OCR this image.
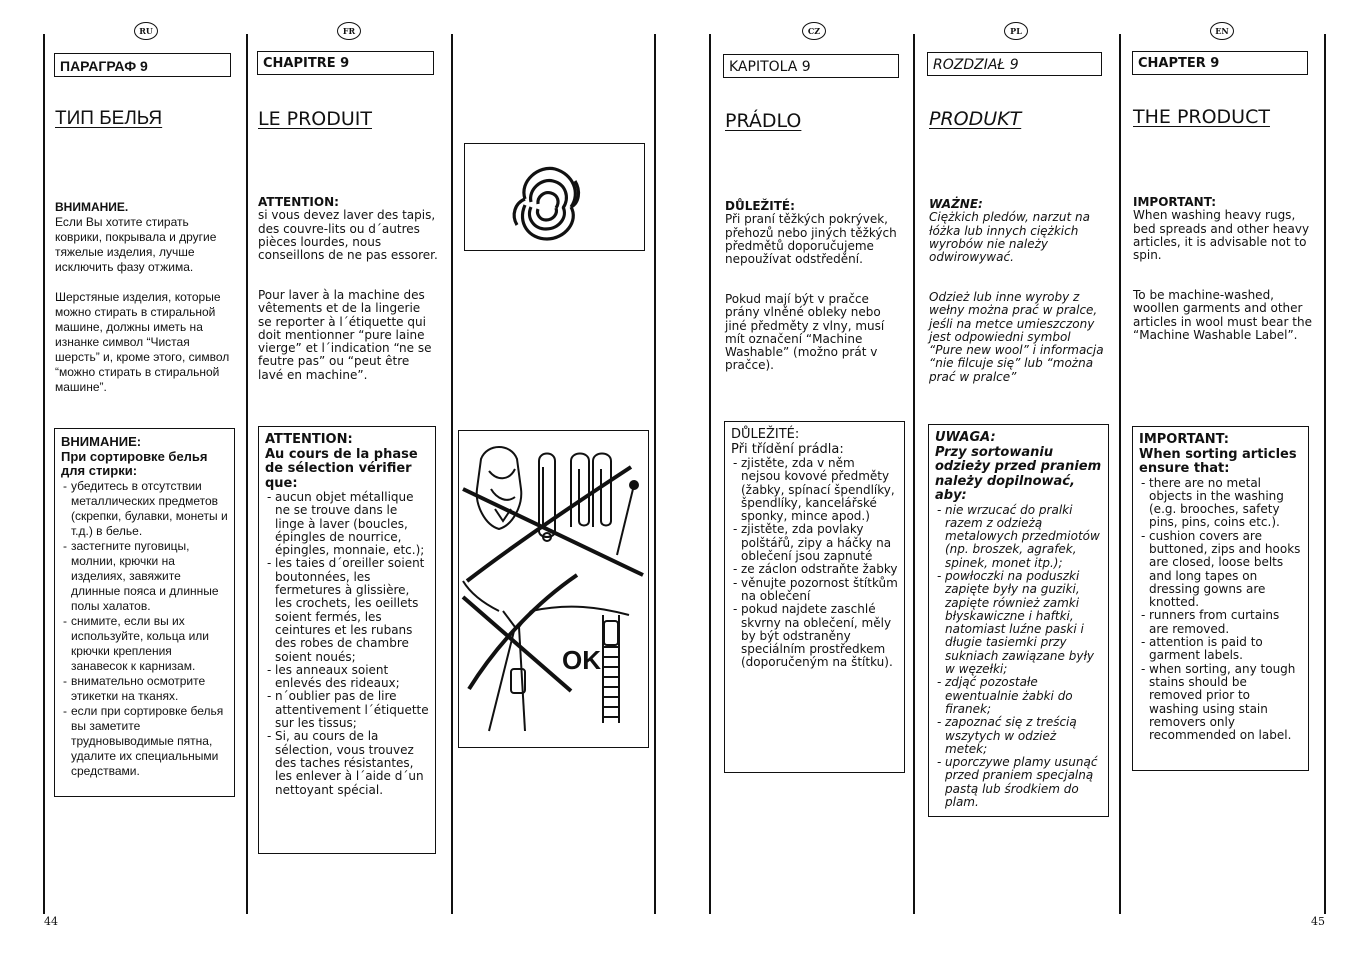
RU	FR	CZ	PL	EN
ПАРАГРАФ 9
ТИП БЕЛЬЯ
ВНИМАНИЕ.
Если Вы хотите стирать коврики, покрывала и другие тяжелые изделия, лучше исключить фазу отжима.
Шерстяные изделия, которые можно стирать в стиральной машине, должны иметь на изнанке символ “Чистая шерсть” и, кроме этого, символ “можно стирать в стиральной машине”.
ВНИМАНИЕ:
При сортировке белья для стирки:
- убедитесь в отсутствии металлических предметов (скрепки, булавки, монеты и т.д.) в белье.
- застегните пуговицы, молнии, крючки на изделиях, завяжите длинные пояса и длинные полы халатов.
- снимите, если вы их используйте, кольца или крючки крепления занавесок к карнизам.
- внимательно осмотрите этикетки на тканях.
- если при сортировке белья вы заметите трудновыводимые пятна, удалите их специальными средствами.
CHAPITRE 9
LE PRODUIT
ATTENTION:
si vous devez laver des tapis, des couvre-lits ou d´autres pièces lourdes, nous conseillons de ne pas essorer.
Pour laver à la machine des vêtements et de la lingerie se reporter à l´étiquette qui doit mentionner “pure laine vierge” et l´indication “ne se feutre pas” ou “peut être lavé en machine”.
ATTENTION:
Au cours de la phase de sélection vérifier que:
- aucun objet métallique ne se trouve dans le linge à laver (boucles, épingles de nourrice, épingles, monnaie, etc.);
- les taies d´oreiller soient boutonnées, les fermetures à glissière, les crochets, les oeillets soient fermés, les ceintures et les rubans des robes de chambre soient noués;
- les anneaux soient enlevés des rideaux;
- n´oublier pas de lire attentivement l´étiquette sur les tissus;
- Si, au cours de la sélection, vous trouvez des taches résistantes, les enlever à l´aide d´un nettoyant spécial.
OK
KAPITOLA 9
PRÁDLO
DŮLEŽITÉ:
Při praní těžkých pokrývek, přehozů nebo jiných těžkých předmětů doporučujeme nepoužívat odstředění.
Pokud mají být v pračce prány vlněné obleky nebo jiné předměty z vlny, musí mít označení “Machine Washable” (možno prát v pračce).
DŮLEŽITÉ:
Při třídění prádla:
- zjistěte, zda v něm nejsou kovové předměty (žabky, spínací špendlíky, špendlíky, kancelářské sponky, mince apod.)
- zjistěte, zda povlaky polštářů, zipy a háčky na oblečení jsou zapnuté
- ze záclon odstraňte žabky
- věnujte pozornost štítkům na oblečení
- pokud najdete zaschlé skvrny na oblečení, měly by být odstraněny speciálním prostředkem (doporučeným na štítku).
ROZDZIAŁ 9
PRODUKT
WAŻNE:
Ciężkich pledów, narzut na łóżka lub innych ciężkich wyrobów nie należy odwirowywać.
Odzież lub inne wyroby z wełny można prać w pralce, jeśli na metce umieszczony jest odpowiedni symbol “Pure new wool” i informacja “nie filcuje się” lub “można prać w pralce”
UWAGA:
Przy sortowaniu odzieży przed praniem należy dopilnować, aby:
- nie wrzucać do pralki razem z odzieżą metalowych przedmiotów (np. broszek, agrafek, spinek, monet itp.);
- powłoczki na poduszki zapięte były na guziki, zapięte również zamki błyskawiczne i haftki, natomiast luźne paski i długie tasiemki przy sukniach zawiązane były w węzełki;
- zdjąć pozostałe ewentualnie żabki do firanek;
- zapoznać się z treścią wszytych w odzież metek;
- uporczywe plamy usunąć przed praniem specjalną pastą lub środkiem do plam.
CHAPTER 9
THE PRODUCT
IMPORTANT:
When washing heavy rugs, bed spreads and other heavy articles, it is advisable not to spin.
To be machine-washed, woollen garments and other articles in wool must bear the “Machine Washable Label”.
IMPORTANT:
When sorting articles ensure that:
- there are no metal objects in the washing (e.g. brooches, safety pins, pins, coins etc.).
- cushion covers are buttoned, zips and hooks are closed, loose belts and long tapes on dressing gowns are knotted.
- runners from curtains are removed.
- attention is paid to garment labels.
- when sorting, any tough stains should be removed prior to washing using stain removers only recommended on label.
44	45
